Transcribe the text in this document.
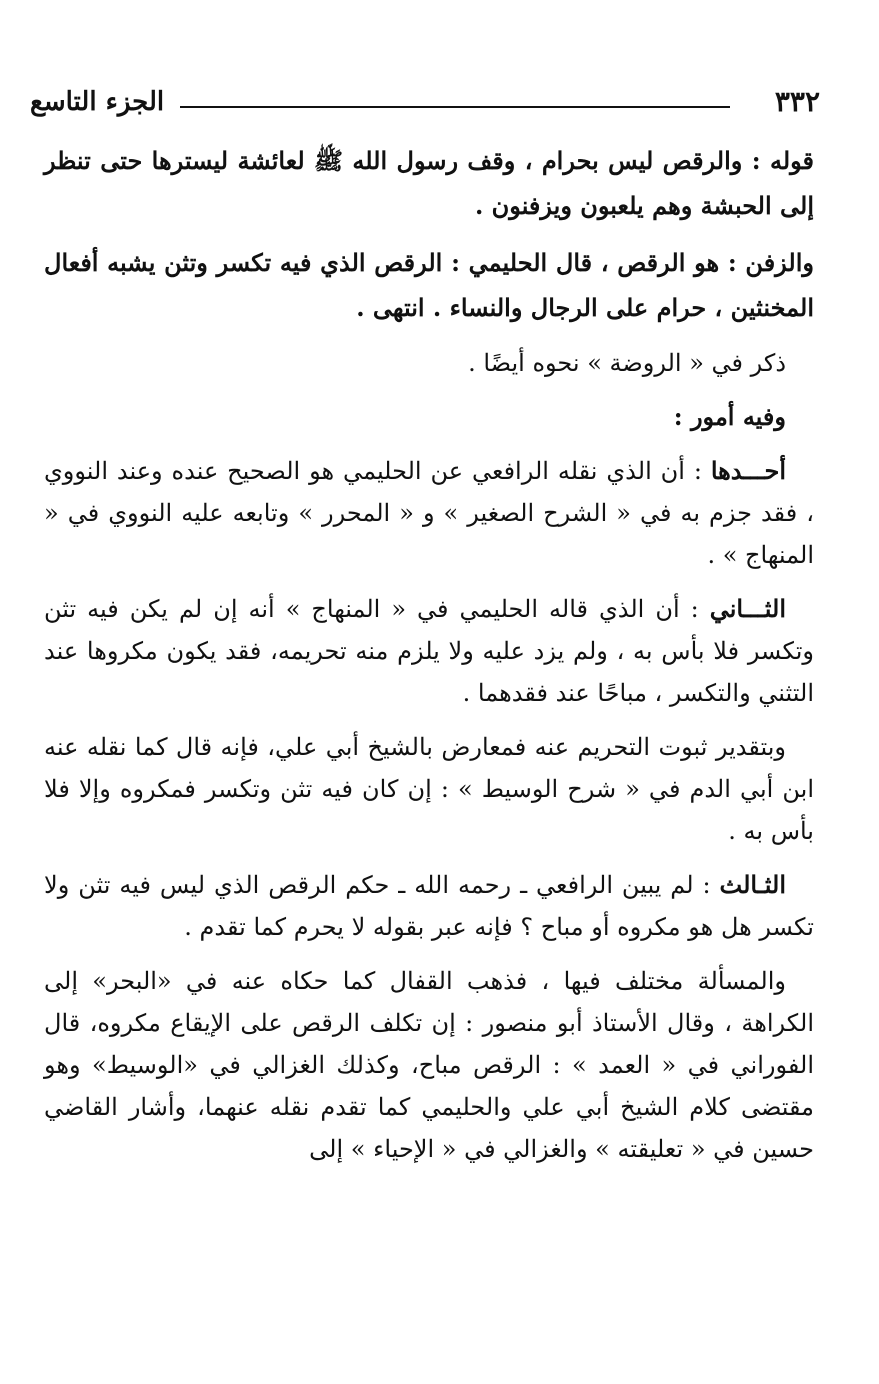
٣٣٢
الجزء التاسع

قوله : والرقص ليس بحرام ، وقف رسول الله ﷺ لعائشة ليسترها حتى تنظر إلى الحبشة وهم يلعبون ويزفنون .

والزفن : هو الرقص ، قال الحليمي : الرقص الذي فيه تكسر وتثن يشبه أفعال المخنثين ، حرام على الرجال والنساء . انتهى .

ذكر في « الروضة » نحوه أيضًا .

وفيه أمور :

أحـــدها : أن الذي نقله الرافعي عن الحليمي هو الصحيح عنده وعند النووي ، فقد جزم به في « الشرح الصغير » و « المحرر » وتابعه عليه النووي في « المنهاج » .

الثـــاني : أن الذي قاله الحليمي في « المنهاج » أنه إن لم يكن فيه تثن وتكسر فلا بأس به ، ولم يزد عليه ولا يلزم منه تحريمه، فقد يكون مكروها عند التثني والتكسر ، مباحًا عند فقدهما .

وبتقدير ثبوت التحريم عنه فمعارض بالشيخ أبي علي، فإنه قال كما نقله عنه ابن أبي الدم في « شرح الوسيط » : إن كان فيه تثن وتكسر فمكروه وإلا فلا بأس به .

الثـالث : لم يبين الرافعي ـ رحمه الله ـ حكم الرقص الذي ليس فيه تثن ولا تكسر هل هو مكروه أو مباح ؟ فإنه عبر بقوله لا يحرم كما تقدم .

والمسألة مختلف فيها ، فذهب القفال كما حكاه عنه في «البحر» إلى الكراهة ، وقال الأستاذ أبو منصور : إن تكلف الرقص على الإيقاع مكروه، قال الفوراني في « العمد » : الرقص مباح، وكذلك الغزالي في «الوسيط» وهو مقتضى كلام الشيخ أبي علي والحليمي كما تقدم نقله عنهما، وأشار القاضي حسين في « تعليقته » والغزالي في « الإحياء » إلى
